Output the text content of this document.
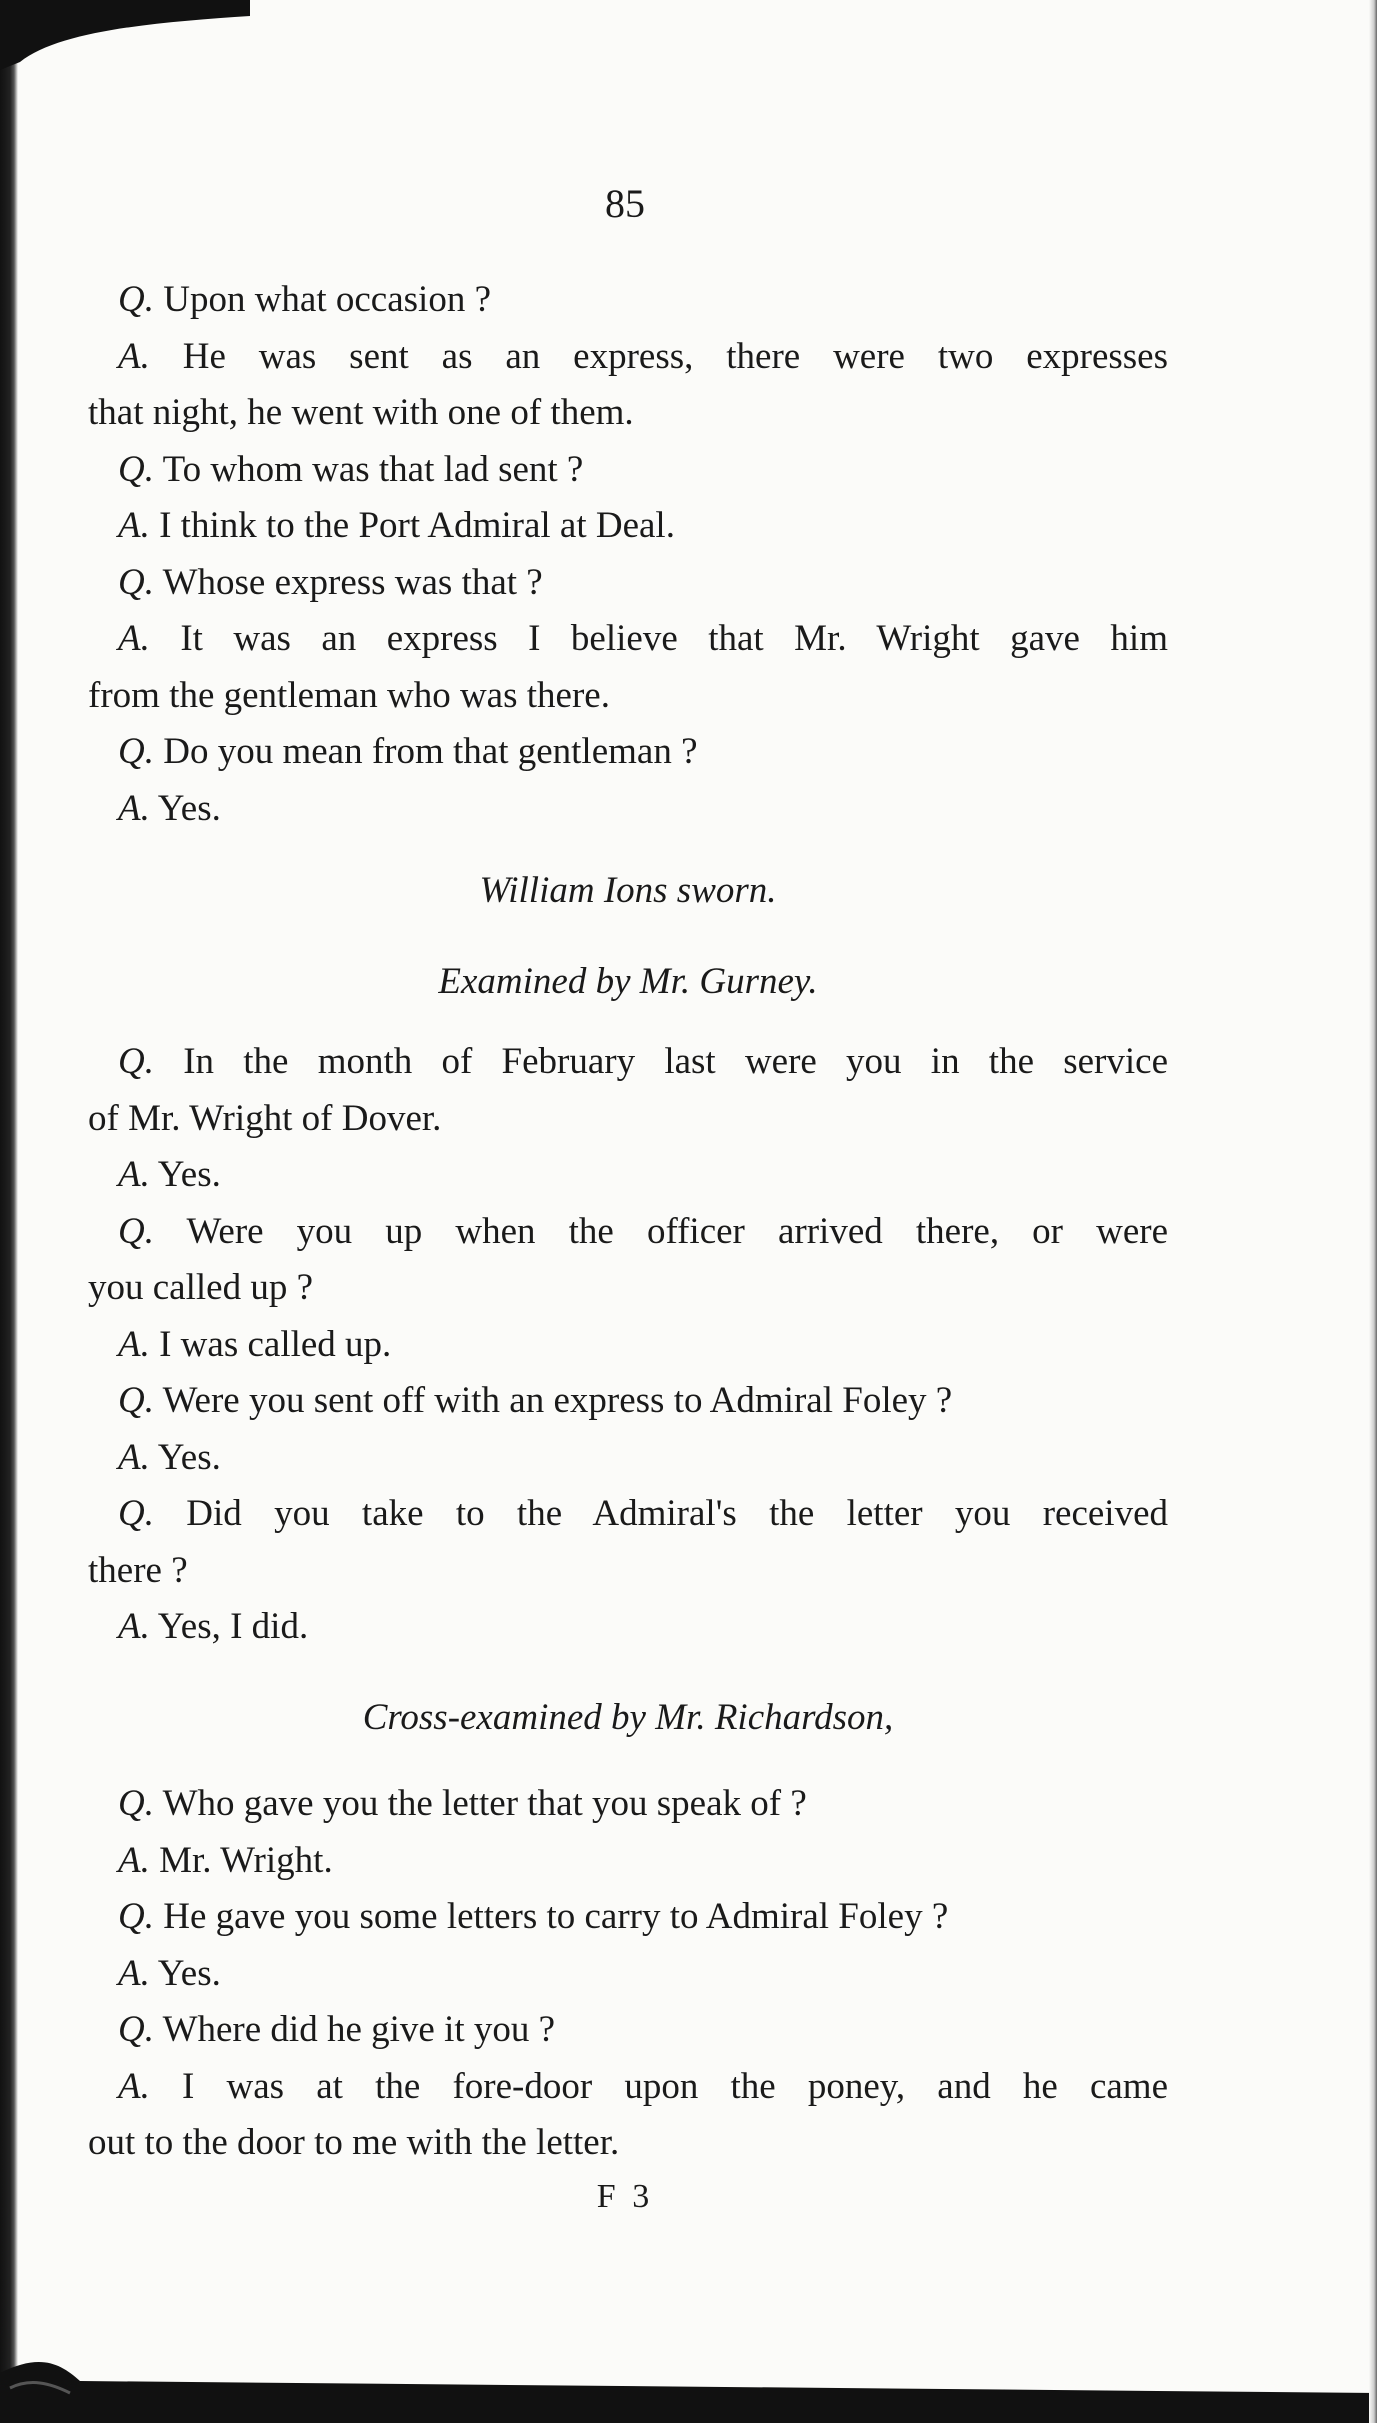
85
Q. Upon what occasion ?
A. He was sent as an express, there were two expresses
that night, he went with one of them.
Q. To whom was that lad sent ?
A. I think to the Port Admiral at Deal.
Q. Whose express was that ?
A. It was an express I believe that Mr. Wright gave him
from the gentleman who was there.
Q. Do you mean from that gentleman ?
A. Yes.
William Ions sworn.
Examined by Mr. Gurney.
Q. In the month of February last were you in the service
of Mr. Wright of Dover.
A. Yes.
Q. Were you up when the officer arrived there, or were
you called up ?
A. I was called up.
Q. Were you sent off with an express to Admiral Foley ?
A. Yes.
Q. Did you take to the Admiral's the letter you received
there ?
A. Yes, I did.
Cross-examined by Mr. Richardson,
Q. Who gave you the letter that you speak of ?
A. Mr. Wright.
Q. He gave you some letters to carry to Admiral Foley ?
A. Yes.
Q. Where did he give it you ?
A. I was at the fore-door upon the poney, and he came
out to the door to me with the letter.
F 3
